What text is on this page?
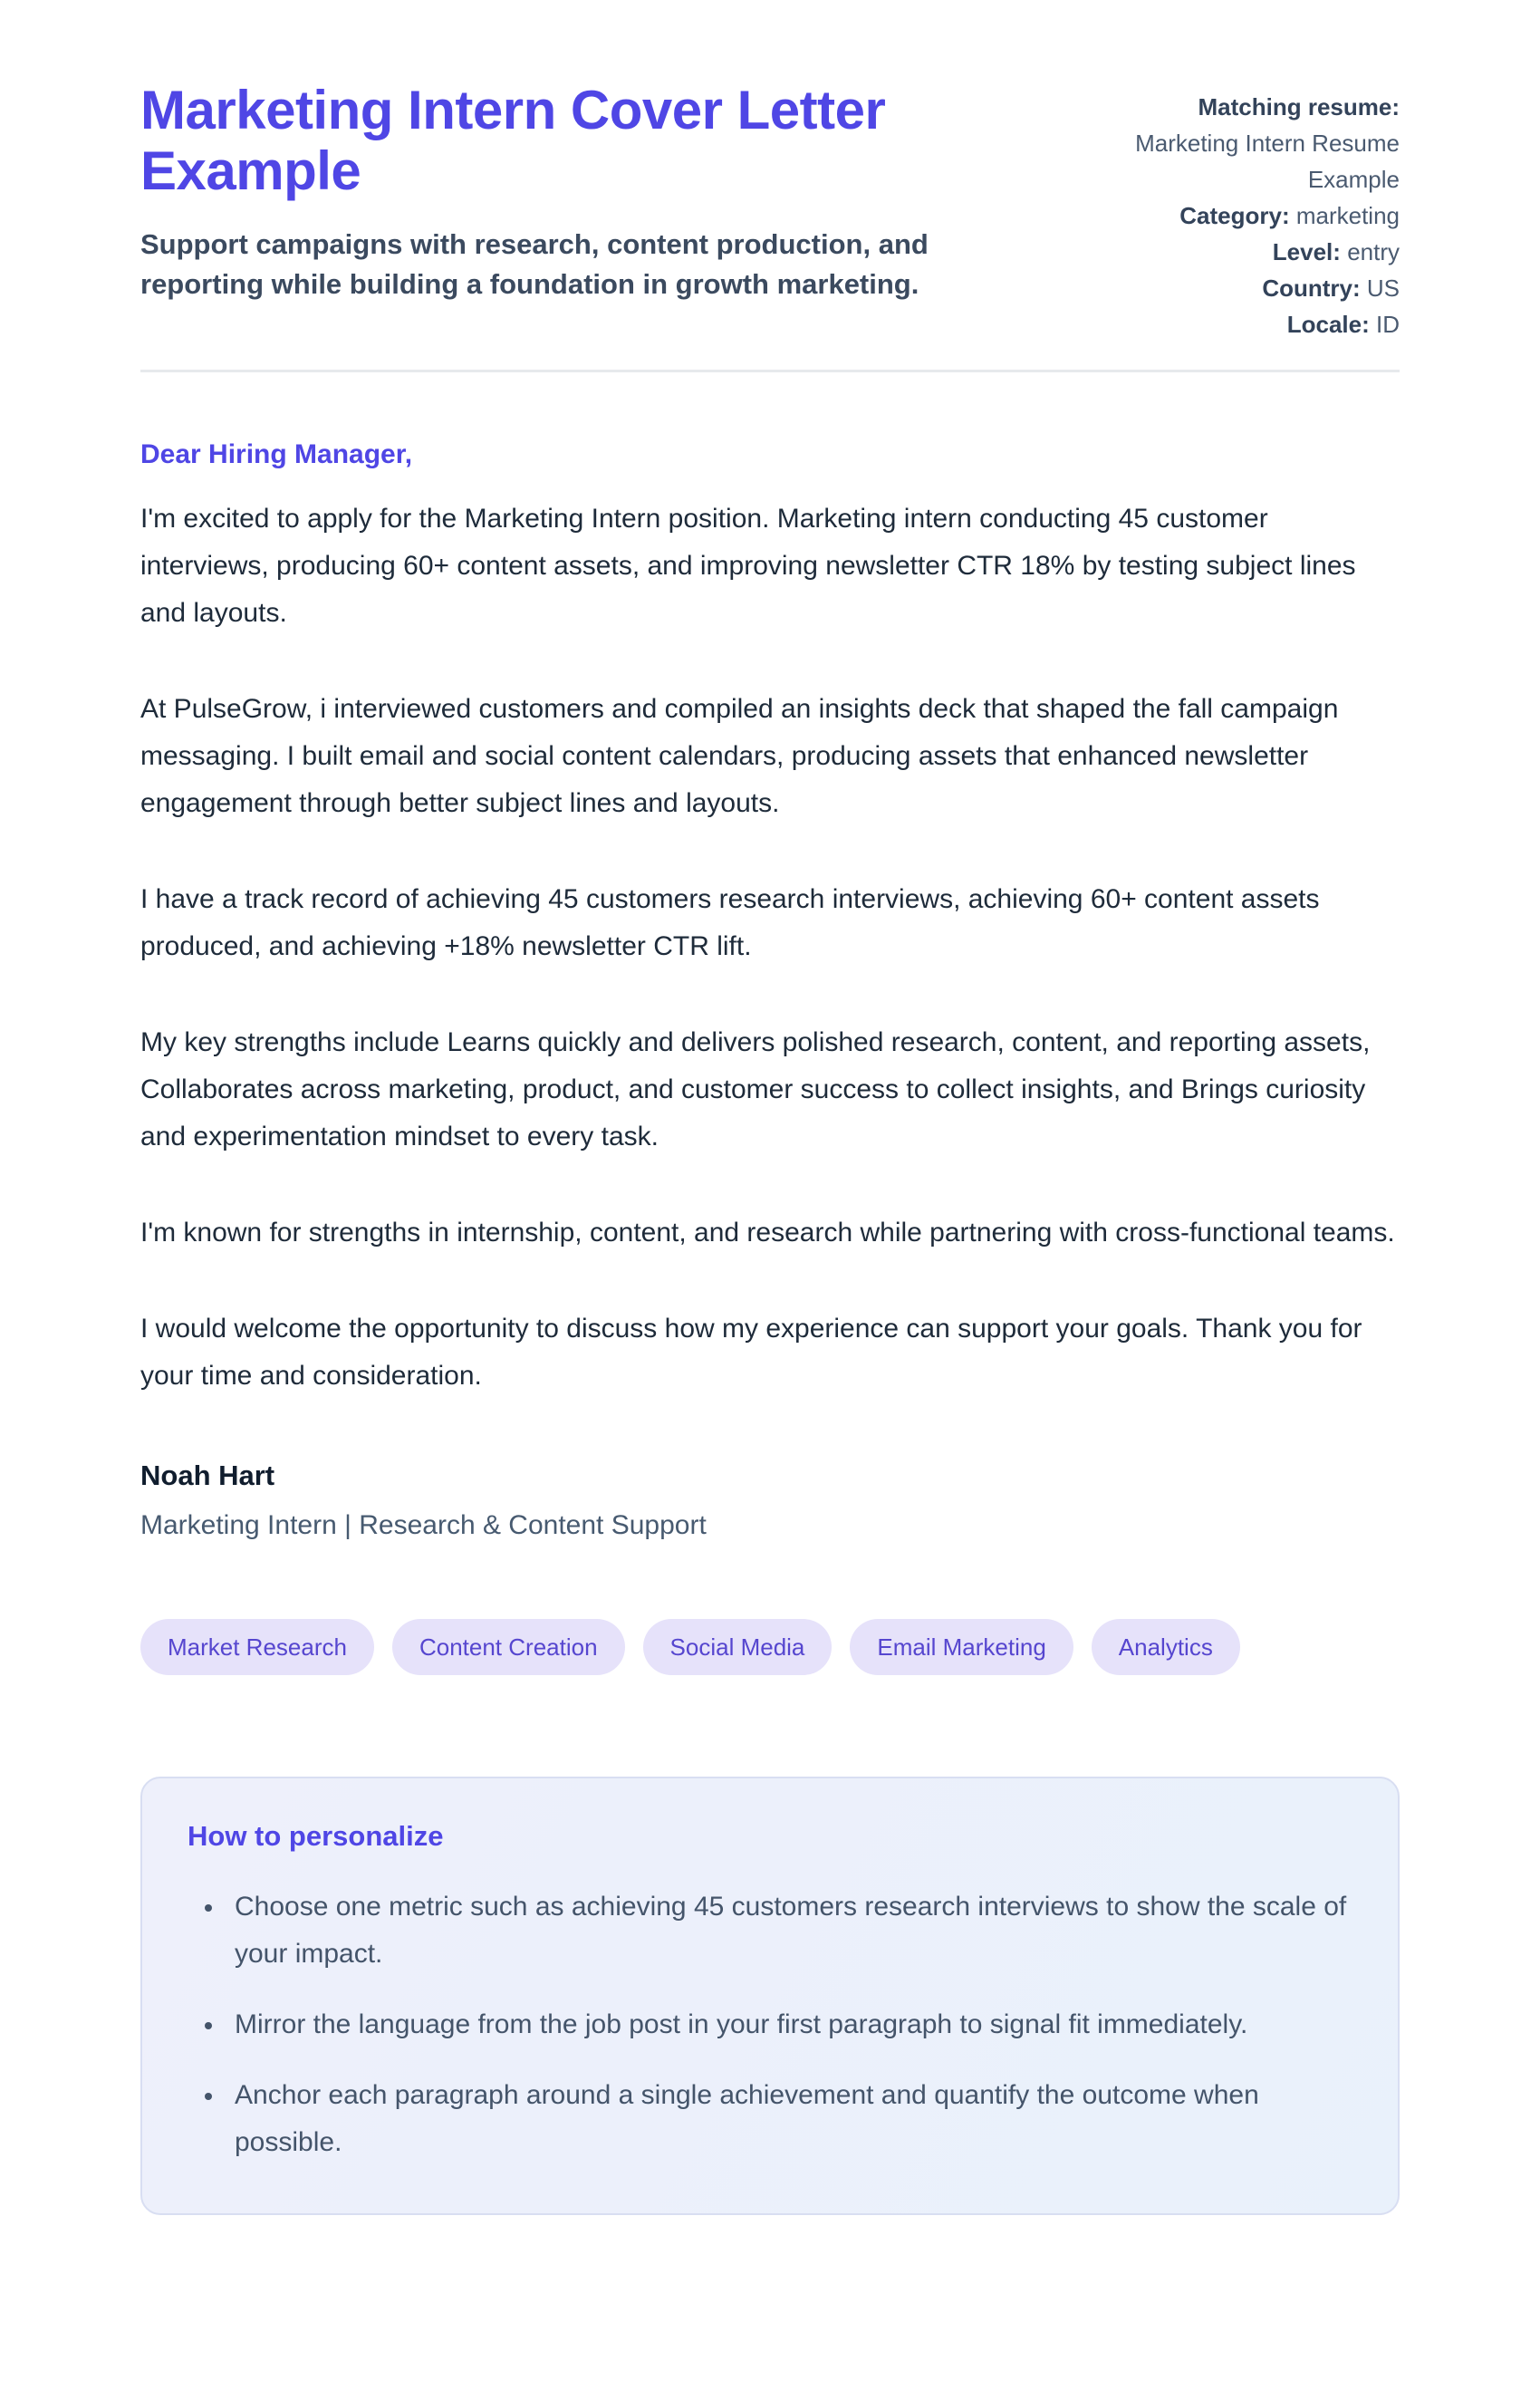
Marketing Intern Cover Letter Example

Support campaigns with research, content production, and reporting while building a foundation in growth marketing.

Matching resume: Marketing Intern Resume Example
Category: marketing
Level: entry
Country: US
Locale: ID
Dear Hiring Manager,

I'm excited to apply for the Marketing Intern position. Marketing intern conducting 45 customer interviews, producing 60+ content assets, and improving newsletter CTR 18% by testing subject lines and layouts.

At PulseGrow, i interviewed customers and compiled an insights deck that shaped the fall campaign messaging. I built email and social content calendars, producing assets that enhanced newsletter engagement through better subject lines and layouts.

I have a track record of achieving 45 customers research interviews, achieving 60+ content assets produced, and achieving +18% newsletter CTR lift.

My key strengths include Learns quickly and delivers polished research, content, and reporting assets, Collaborates across marketing, product, and customer success to collect insights, and Brings curiosity and experimentation mindset to every task.

I'm known for strengths in internship, content, and research while partnering with cross-functional teams.

I would welcome the opportunity to discuss how my experience can support your goals. Thank you for your time and consideration.

Noah Hart
Marketing Intern | Research & Content Support
Market Research	Content Creation	Social Media	Email Marketing	Analytics
How to personalize
• Choose one metric such as achieving 45 customers research interviews to show the scale of your impact.
• Mirror the language from the job post in your first paragraph to signal fit immediately.
• Anchor each paragraph around a single achievement and quantify the outcome when possible.
